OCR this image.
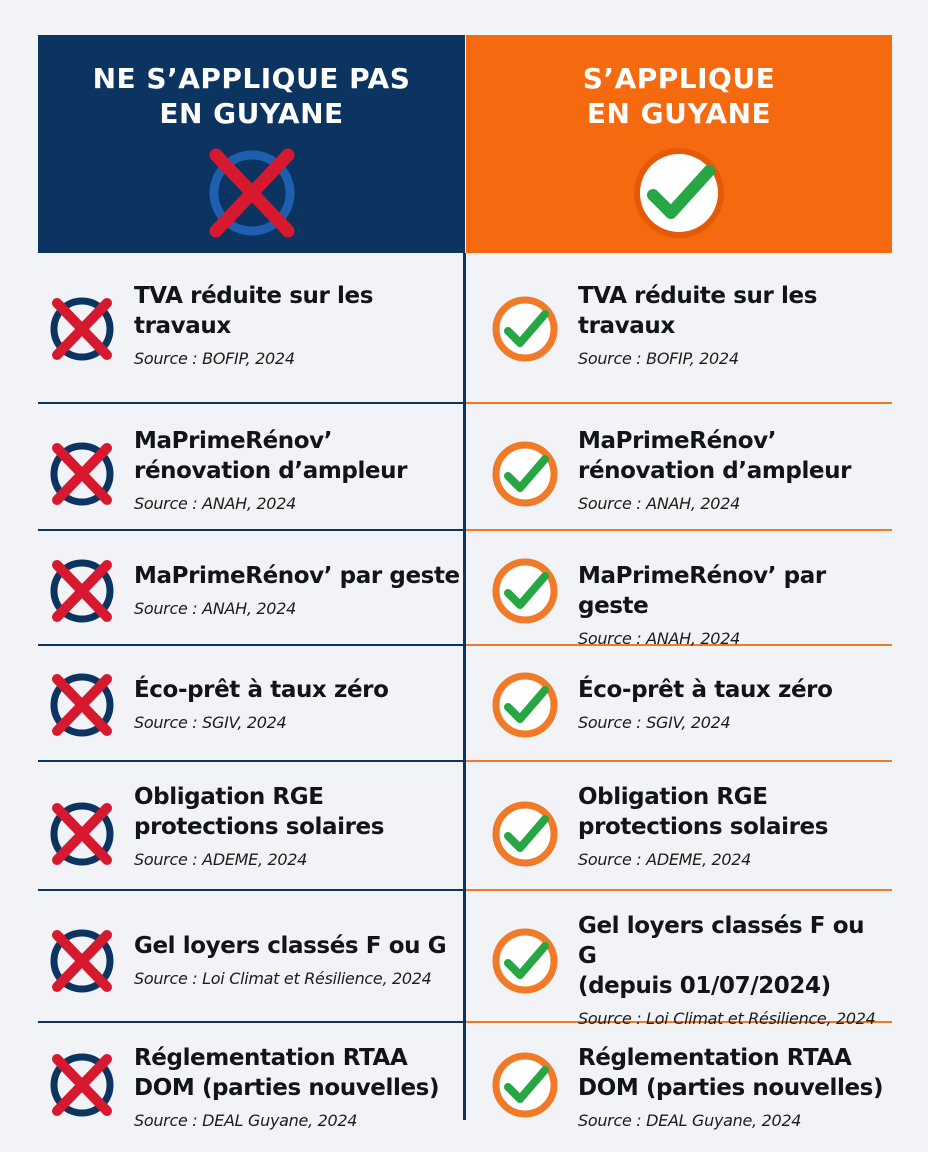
NE S’APPLIQUE PAS EN GUYANE
S’APPLIQUE EN GUYANE
TVA réduite sur les travaux
Source : BOFIP, 2024
MaPrimeRénov’
rénovation d’ampleur
Source : ANAH, 2024
MaPrimeRénov’ par geste
Source : ANAH, 2024
Éco-prêt à taux zéro
Source : SGIV, 2024
Obligation RGE
protections solaires
Source : ADEME, 2024
Gel loyers classés F ou G
Source : Loi Climat et Résilience, 2024
Réglementation RTAA
DOM (parties nouvelles)
Source : DEAL Guyane, 2024
TVA réduite sur les travaux
Source : BOFIP, 2024
MaPrimeRénov’
rénovation d’ampleur
Source : ANAH, 2024
MaPrimeRénov’ par geste
Source : ANAH, 2024
Éco-prêt à taux zéro
Source : SGIV, 2024
Obligation RGE
protections solaires
Source : ADEME, 2024
Gel loyers classés F ou G
(depuis 01/07/2024)
Source : Loi Climat et Résilience, 2024
Réglementation RTAA
DOM (parties nouvelles)
Source : DEAL Guyane, 2024
